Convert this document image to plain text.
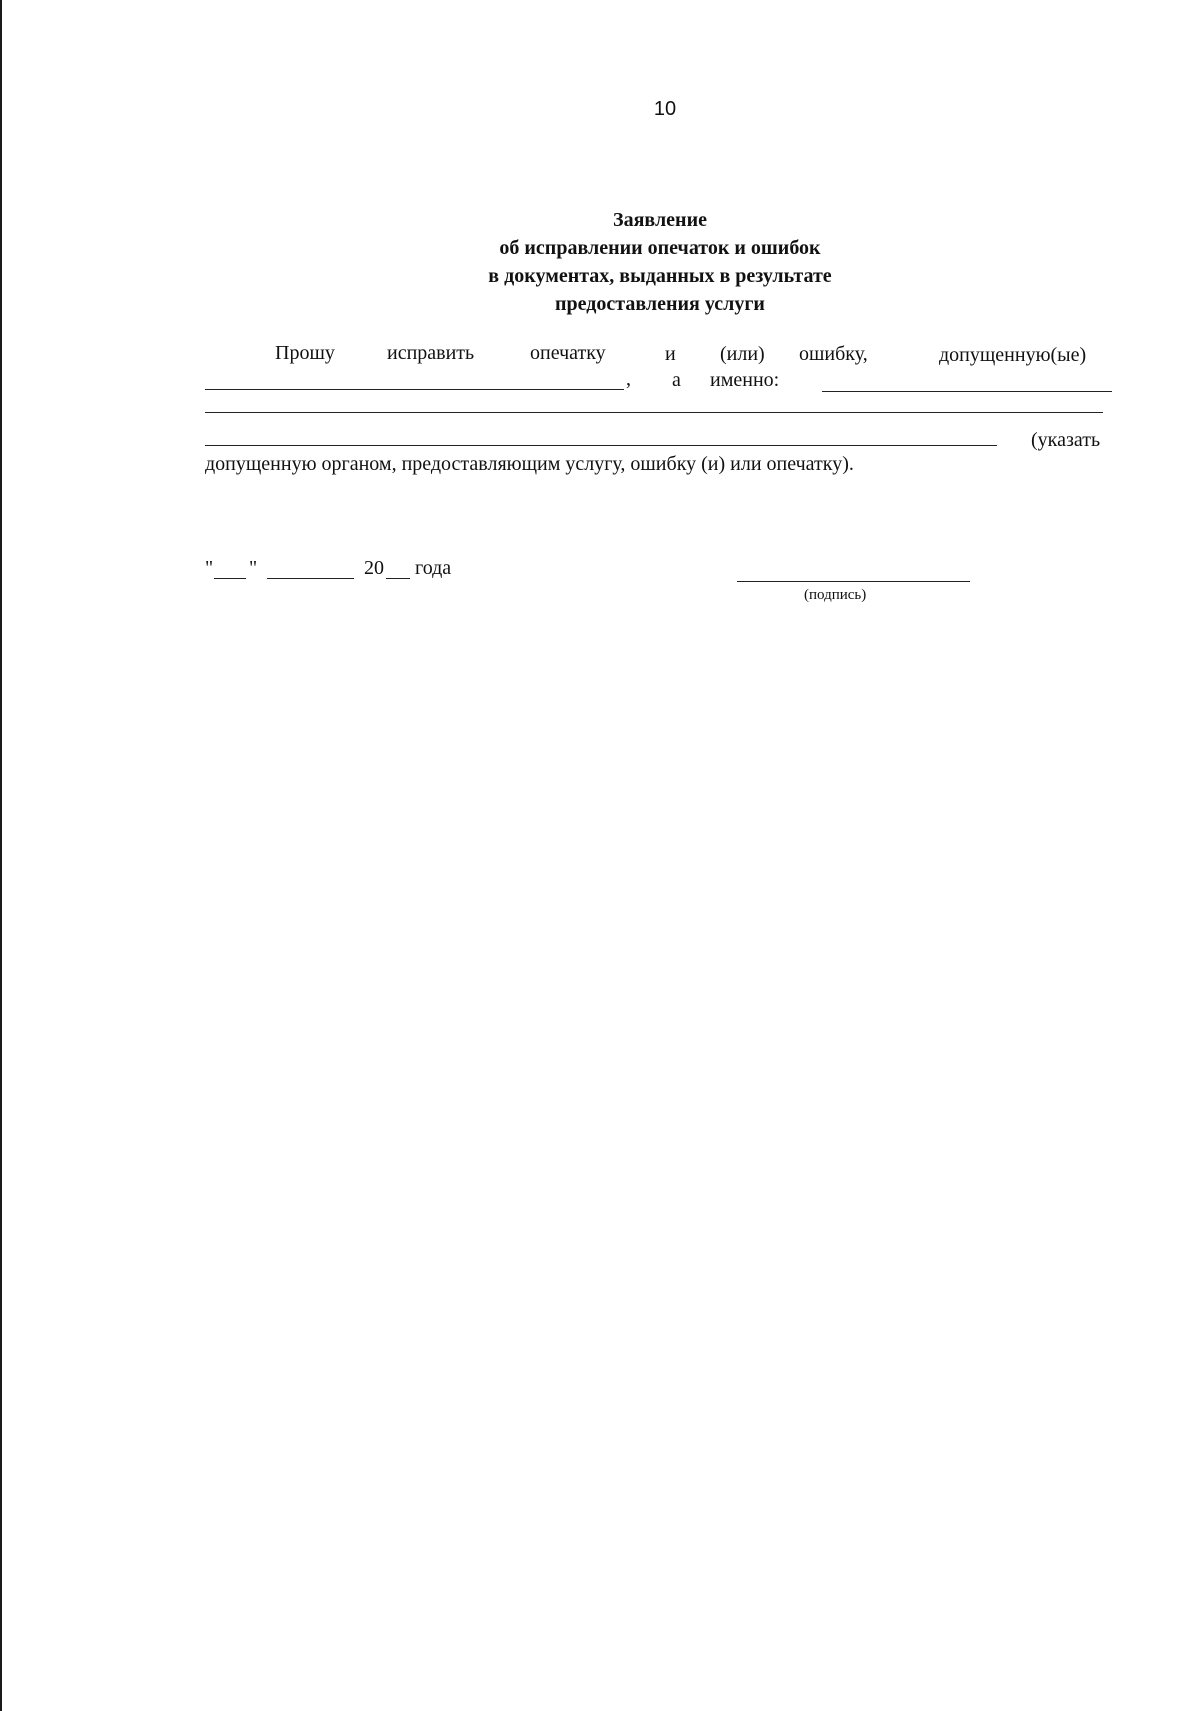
10
Заявление
об исправлении опечаток и ошибок
в документах, выданных в результате
предоставления услуги
Прошу	исправить	опечатку	и (или) ошибку,	допущенную(ые)
, а именно:
(указать
допущенную органом, предоставляющим услугу, ошибку (и) или опечатку).
" "	20 года
(подпись)
